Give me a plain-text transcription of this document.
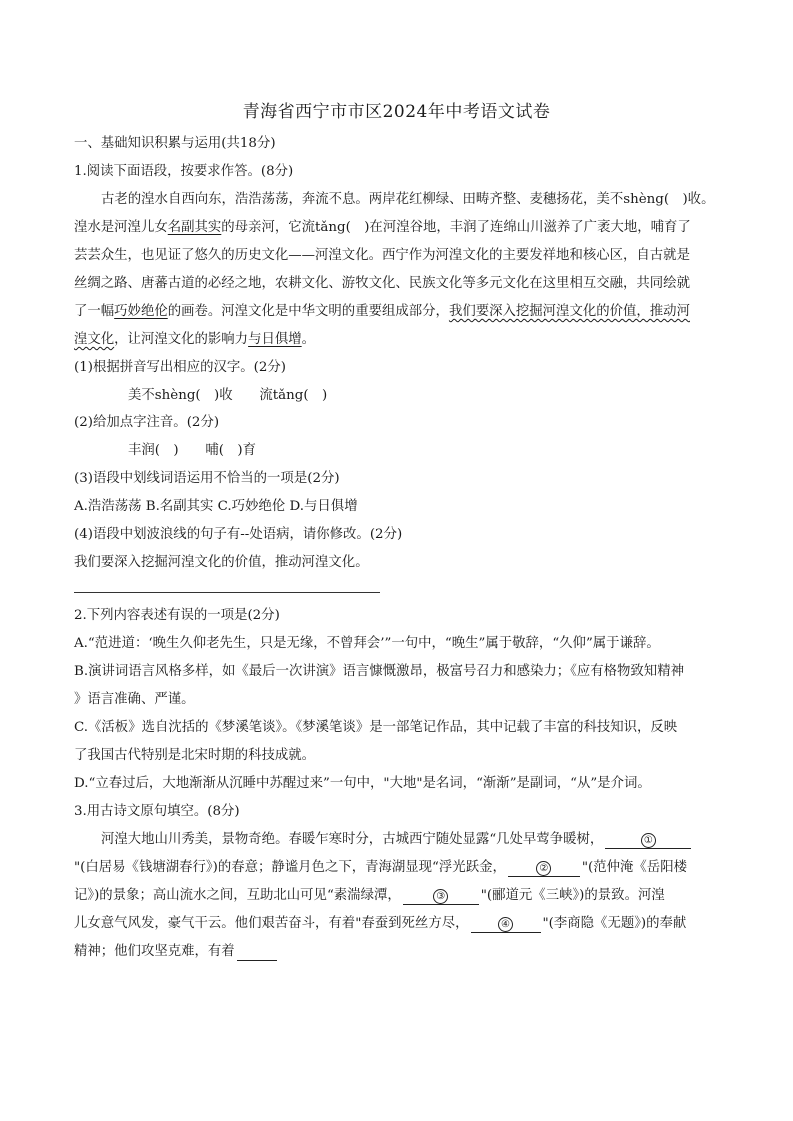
青海省西宁市市区2024年中考语文试卷
一、基础知识积累与运用(共18分)
1.阅读下面语段，按要求作答。(8分)
古老的湟水自西向东，浩浩荡荡，奔流不息。两岸花红柳绿、田畴齐整、麦穗扬花，美不shèng(　)收。
湟水是河湟儿女名副其实的母亲河，它流tǎng(　)在河湟谷地，丰润了连绵山川滋养了广袤大地，哺育了
芸芸众生，也见证了悠久的历史文化——河湟文化。西宁作为河湟文化的主要发祥地和核心区，自古就是
丝绸之路、唐蕃古道的必经之地，农耕文化、游牧文化、民族文化等多元文化在这里相互交融，共同绘就
了一幅巧妙绝伦的画卷。河湟文化是中华文明的重要组成部分，我们要深入挖掘河湟文化的价值，推动河
湟文化，让河湟文化的影响力与日俱增。
(1)根据拼音写出相应的汉字。(2分)
美不shèng(　)收　　流tǎng(　)
(2)给加点字注音。(2分)
丰润(　)　　 哺(　)育
(3)语段中划线词语运用不恰当的一项是(2分)
A.浩浩荡荡 B.名副其实 C.巧妙绝伦 D.与日俱增
(4)语段中划波浪线的句子有--处语病，请你修改。(2分)
我们要深入挖掘河湟文化的价值，推动河湟文化。
2.下列内容表述有误的一项是(2分)
A.“范进道：‘晚生久仰老先生，只是无缘，不曾拜会’”一句中，“晚生”属于敬辞，“久仰”属于谦辞。
B.演讲词语言风格多样，如《最后一次讲演》语言慷慨激昂，极富号召力和感染力；《应有格物致知精神
》语言准确、严谨。
C.《活板》选自沈括的《梦溪笔谈》。《梦溪笔谈》是一部笔记作品，其中记载了丰富的科技知识，反映
了我国古代特别是北宋时期的科技成就。
D.“立春过后，大地渐渐从沉睡中苏醒过来”一句中，"大地"是名词，“渐渐”是副词，“从”是介词。
3.用古诗文原句填空。(8分)
河湟大地山川秀美，景物奇绝。春暖乍寒时分，古城西宁随处显露“几处早莺争暖树，	①
"(白居易《钱塘湖春行》)的春意；静谧月色之下，青海湖显现“浮光跃金，	②	"(范仲淹《岳阳楼
记》)的景象；高山流水之间，互助北山可见“素湍绿潭，	③	"(郦道元《三峡》)的景致。河湟
儿女意气风发，豪气干云。他们艰苦奋斗，有着"春蚕到死丝方尽，	④ "(李商隐《无题》)的奉献
精神；他们攻坚克难，有着
